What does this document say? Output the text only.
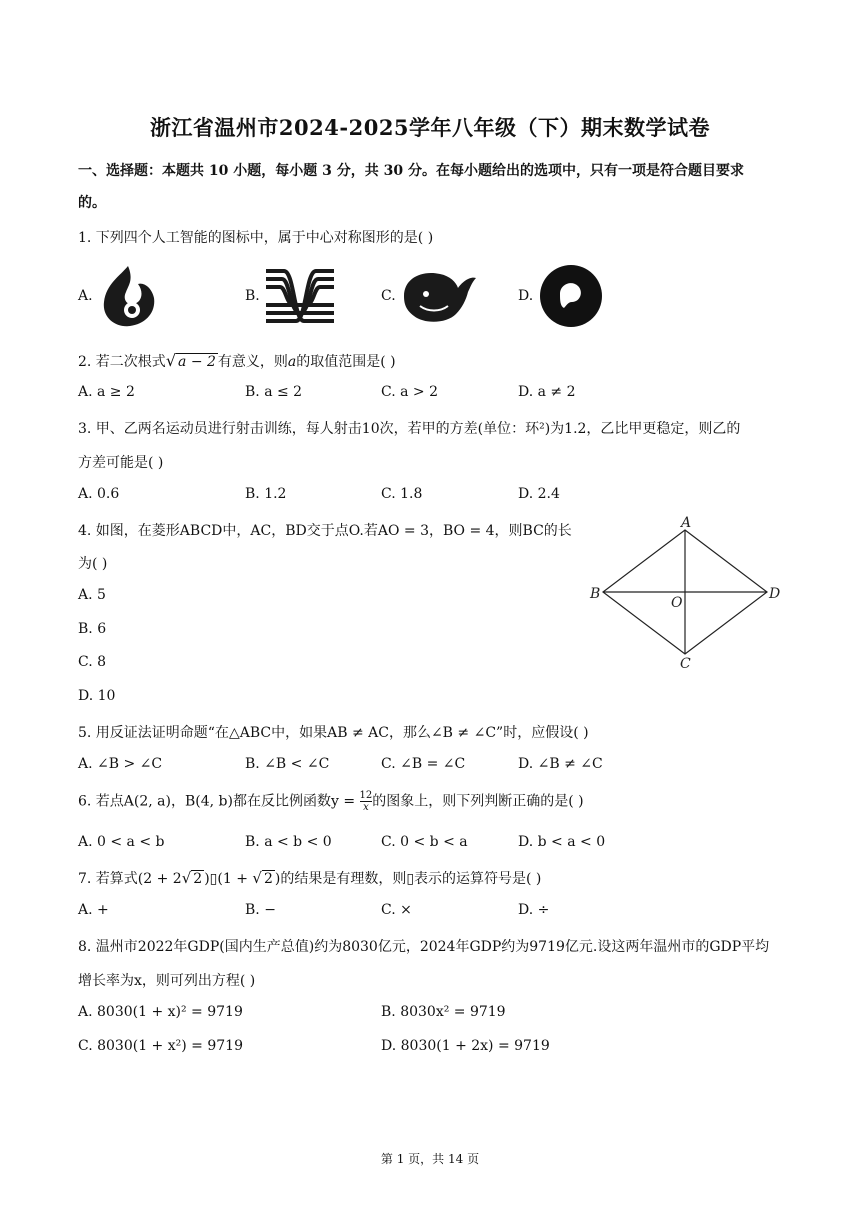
浙江省温州市2024-2025学年八年级（下）期末数学试卷
一、选择题：本题共 10 小题，每小题 3 分，共 30 分。在每小题给出的选项中，只有一项是符合题目要求
的。
1. 下列四个人工智能的图标中，属于中心对称图形的是( )
A.	B.	C.	D.
2. 若二次根式√ a − 2 有意义，则a的取值范围是( )
A. a ≥ 2	B. a ≤ 2	C. a > 2	D. a ≠ 2
3. 甲、乙两名运动员进行射击训练，每人射击10次，若甲的方差(单位：环²)为1.2，乙比甲更稳定，则乙的
方差可能是( )
A. 0.6	B. 1.2	C. 1.8	D. 2.4
4. 如图，在菱形ABCD中，AC，BD交于点O.若AO = 3，BO = 4，则BC的长
为( )
A. 5
B. 6
C. 8
D. 10
A
B
C
D
O
5. 用反证法证明命题“在△ABC中，如果AB ≠ AC，那么∠B ≠ ∠C”时，应假设( )
A. ∠B > ∠C	B. ∠B < ∠C	C. ∠B = ∠C	D. ∠B ≠ ∠C
6. 若点A(2, a)，B(4, b)都在反比例函数$y = \frac{12}{x}$ 的图象上，则下列判断正确的是( )
A. 0 < a < b	B. a < b < 0	C. 0 < b < a	D. b < a < 0
7. 若算式(2 + 2√ 2 )▯(1 + √ 2 )的结果是有理数，则▯表示的运算符号是( )
A. +	B. −	C. ×	D. ÷
8. 温州市2022年GDP(国内生产总值)约为8030亿元，2024年GDP约为9719亿元.设这两年温州市的GDP平均
增长率为x，则可列出方程( )
A. 8030(1 + x)² = 9719	B. 8030x² = 9719
C. 8030(1 + x²) = 9719	D. 8030(1 + 2x) = 9719
第 1 页，共 14 页
